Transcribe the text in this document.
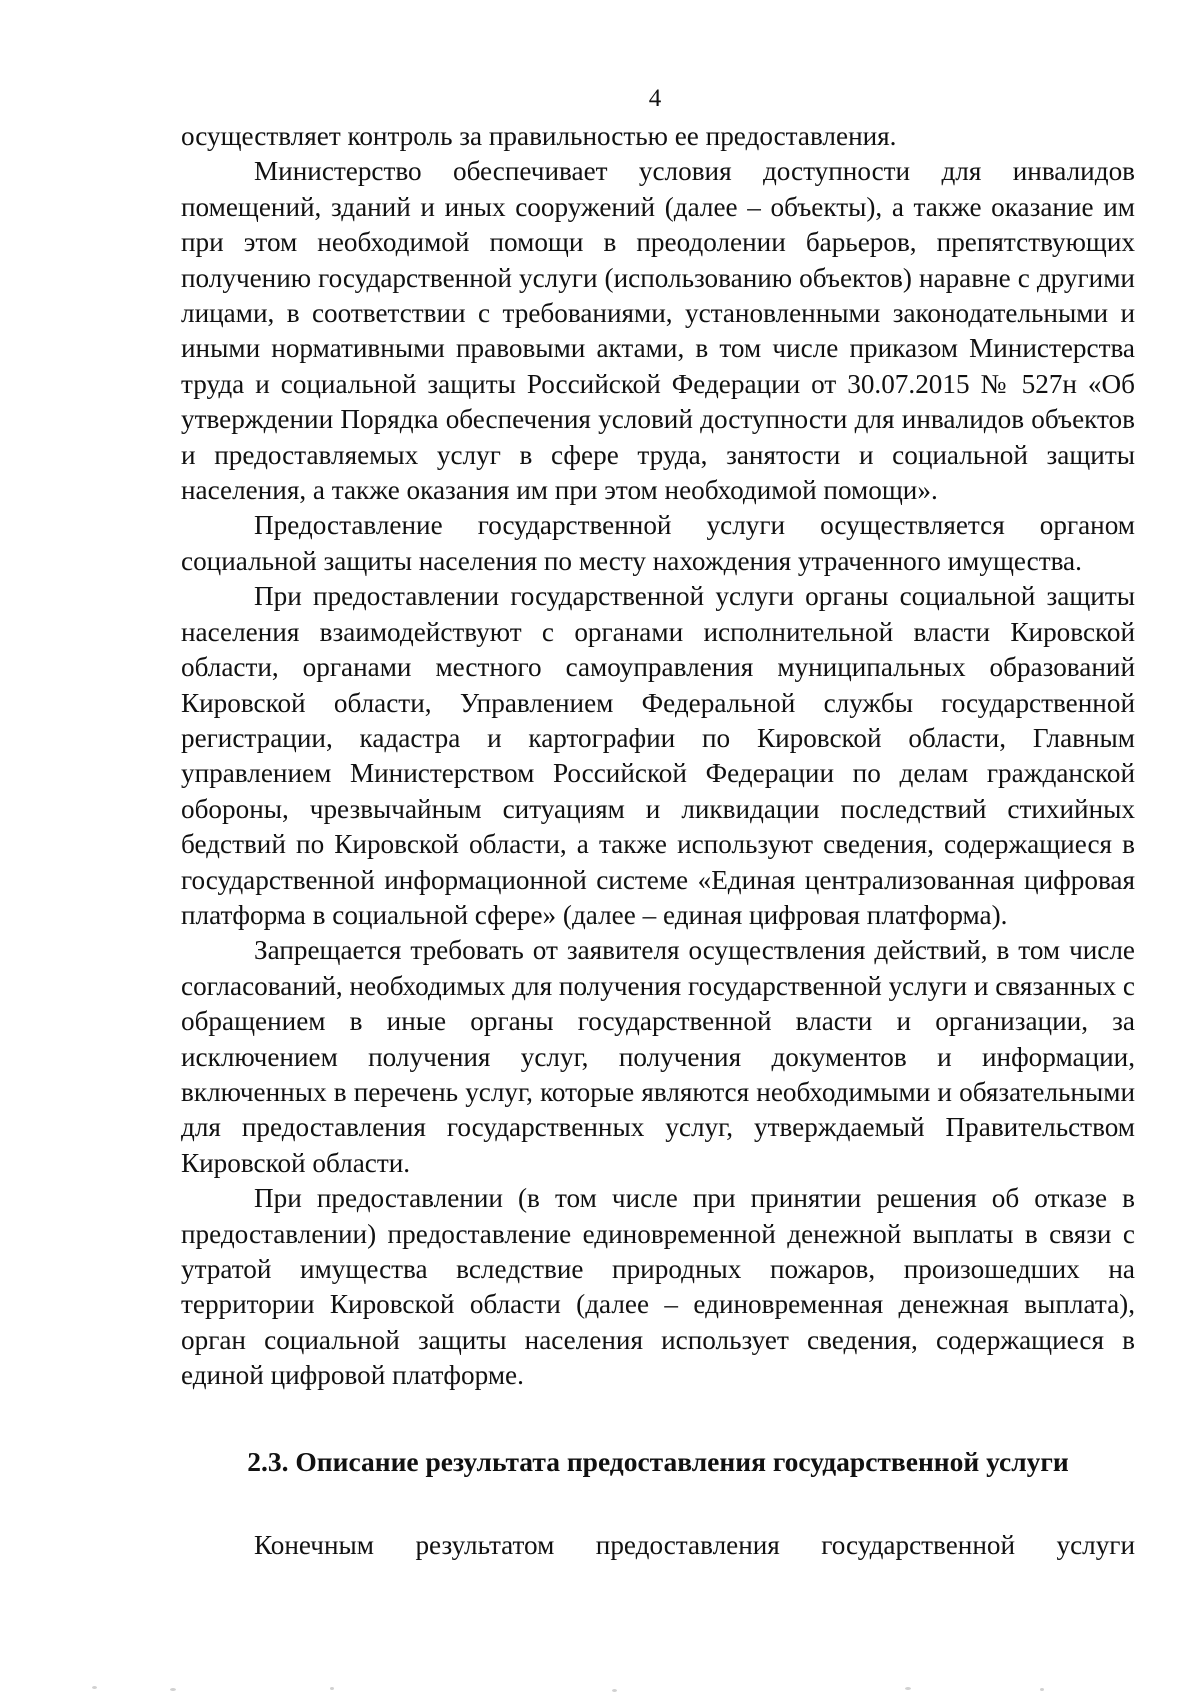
4

осуществляет контроль за правильностью ее предоставления.

Министерство обеспечивает условия доступности для инвалидов помещений, зданий и иных сооружений (далее – объекты), а также оказание им при этом необходимой помощи в преодолении барьеров, препятствующих получению государственной услуги (использованию объектов) наравне с другими лицами, в соответствии с требованиями, установленными законодательными и иными нормативными правовыми актами, в том числе приказом Министерства труда и социальной защиты Российской Федерации от 30.07.2015 № 527н «Об утверждении Порядка обеспечения условий доступности для инвалидов объектов и предоставляемых услуг в сфере труда, занятости и социальной защиты населения, а также оказания им при этом необходимой помощи».

Предоставление государственной услуги осуществляется органом социальной защиты населения по месту нахождения утраченного имущества.

При предоставлении государственной услуги органы социальной защиты населения взаимодействуют с органами исполнительной власти Кировской области, органами местного самоуправления муниципальных образований Кировской области, Управлением Федеральной службы государственной регистрации, кадастра и картографии по Кировской области, Главным управлением Министерством Российской Федерации по делам гражданской обороны, чрезвычайным ситуациям и ликвидации последствий стихийных бедствий по Кировской области, а также используют сведения, содержащиеся в государственной информационной системе «Единая централизованная цифровая платформа в социальной сфере» (далее – единая цифровая платформа).

Запрещается требовать от заявителя осуществления действий, в том числе согласований, необходимых для получения государственной услуги и связанных с обращением в иные органы государственной власти и организации, за исключением получения услуг, получения документов и информации, включенных в перечень услуг, которые являются необходимыми и обязательными для предоставления государственных услуг, утверждаемый Правительством Кировской области.

При предоставлении (в том числе при принятии решения об отказе в предоставлении) предоставление единовременной денежной выплаты в связи с утратой имущества вследствие природных пожаров, произошедших на территории Кировской области (далее – единовременная денежная выплата), орган социальной защиты населения использует сведения, содержащиеся в единой цифровой платформе.

2.3. Описание результата предоставления государственной услуги

Конечным результатом предоставления государственной услуги
